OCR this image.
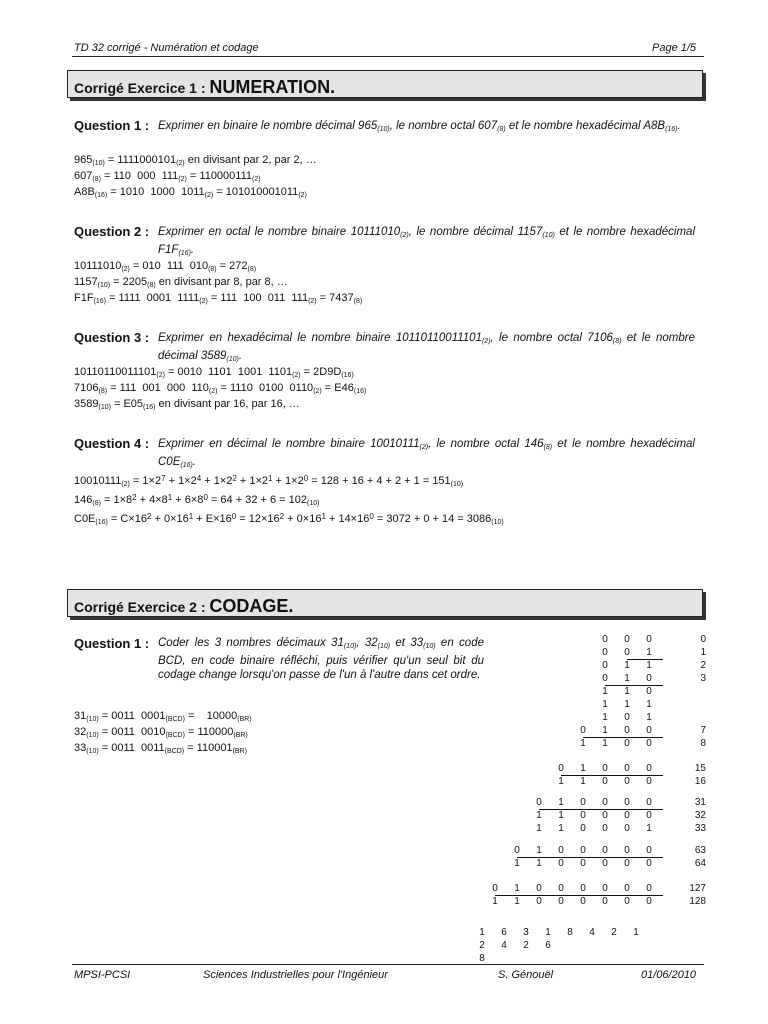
TD 32 corrigé - Numération et codage	Page 1/5
Corrigé Exercice 1 : NUMERATION.
Question 1 : Exprimer en binaire le nombre décimal $965_{(10)}$, le nombre octal $607_{(8)}$ et le nombre hexadécimal $A8B_{(16)}$.
$965_{(10)} = 1111000101_{(2)}$ en divisant par 2, par 2, …
$607_{(8)} = 110$  000  $111_{(2)} = 110000111_{(2)}$
$A8B_{(16)} = 1010$  1000  $1011_{(2)} = 101010001011_{(2)}$
Question 2 : Exprimer en octal le nombre binaire $10111010_{(2)}$, le nombre décimal $1157_{(10)}$ et le nombre hexadécimal $F1F_{(16)}$.
$10111010_{(2)} = 010$  111  $010_{(8)} = 272_{(8)}$
$1157_{(10)} = 2205_{(8)}$ en divisant par 8, par 8, …
$F1F_{(16)} = 1111$  0001  $1111_{(2)} = 111$  100  011  $111_{(2)} = 7437_{(8)}$
Question 3 : Exprimer en hexadécimal le nombre binaire $10110110011101_{(2)}$, le nombre octal $7106_{(8)}$ et le nombre décimal $3589_{(10)}$.
$10110110011101_{(2)} = 0010$  1101  1001  $1101_{(2)} = 2D9D_{(16)}$
$7106_{(8)} = 111$  001  000  $110_{(2)} = 1110$  0100  $0110_{(2)} = E46_{(16)}$
$3589_{(10)} = E05_{(16)}$ en divisant par 16, par 16, …
Question 4 : Exprimer en décimal le nombre binaire $10010111_{(2)}$, le nombre octal $146_{(8)}$ et le nombre hexadécimal $C0E_{(16)}$.
$10010111_{(2)} = 1\times 2^7 + 1\times 2^4 + 1\times 2^2 + 1\times 2^1 + 1\times 2^0 = 128 + 16 + 4 + 2 + 1 = 151_{(10)}$
$146_{(8)} = 1\times 8^2 + 4\times 8^1 + 6\times 8^0 = 64 + 32 + 6 = 102_{(10)}$
$C0E_{(16)} = C\times 16^2 + 0\times 16^1 + E\times 16^0 = 12\times 16^2 + 0\times 16^1 + 14\times 16^0 = 3072 + 0 + 14 = 3086_{(10)}$
Corrigé Exercice 2 : CODAGE.
Question 1 : Coder les 3 nombres décimaux $31_{(10)}$, $32_{(10)}$ et $33_{(10)}$ en code BCD, en code binaire réfléchi, puis vérifier qu'un seul bit du codage change lorsqu'on passe de l'un à l'autre dans cet ordre.
$31_{(10)} = 0011$  $0001_{(BCD)}$ =    $10000_{(BR)}$
$32_{(10)} = 0011$  $0010_{(BCD)} = 110000_{(BR)}$
$33_{(10)} = 0011$  $0011_{(BCD)} = 110001_{(BR)}$
0	0	0	0
0	0	1	1
0	1	1	2
0	1	0	3
1	1	0
1	1	1
1	0	1
0	1	0	0	7
1	1	0	0	8
0	1	0	0	0	15
1	1	0	0	0	16
0	1	0	0	0	0	31
1	1	0	0	0	0	32
1	1	0	0	0	1	33
0	1	0	0	0	0	0	63
1	1	0	0	0	0	0	64
0	1	0	0	0	0	0	0	127
1	1	0	0	0	0	0	0	128
1	6	3	1	8	4	2	1
2	4	2	6
8
MPSI-PCSI	Sciences Industrielles pour l'Ingénieur	S. Génouël	01/06/2010
